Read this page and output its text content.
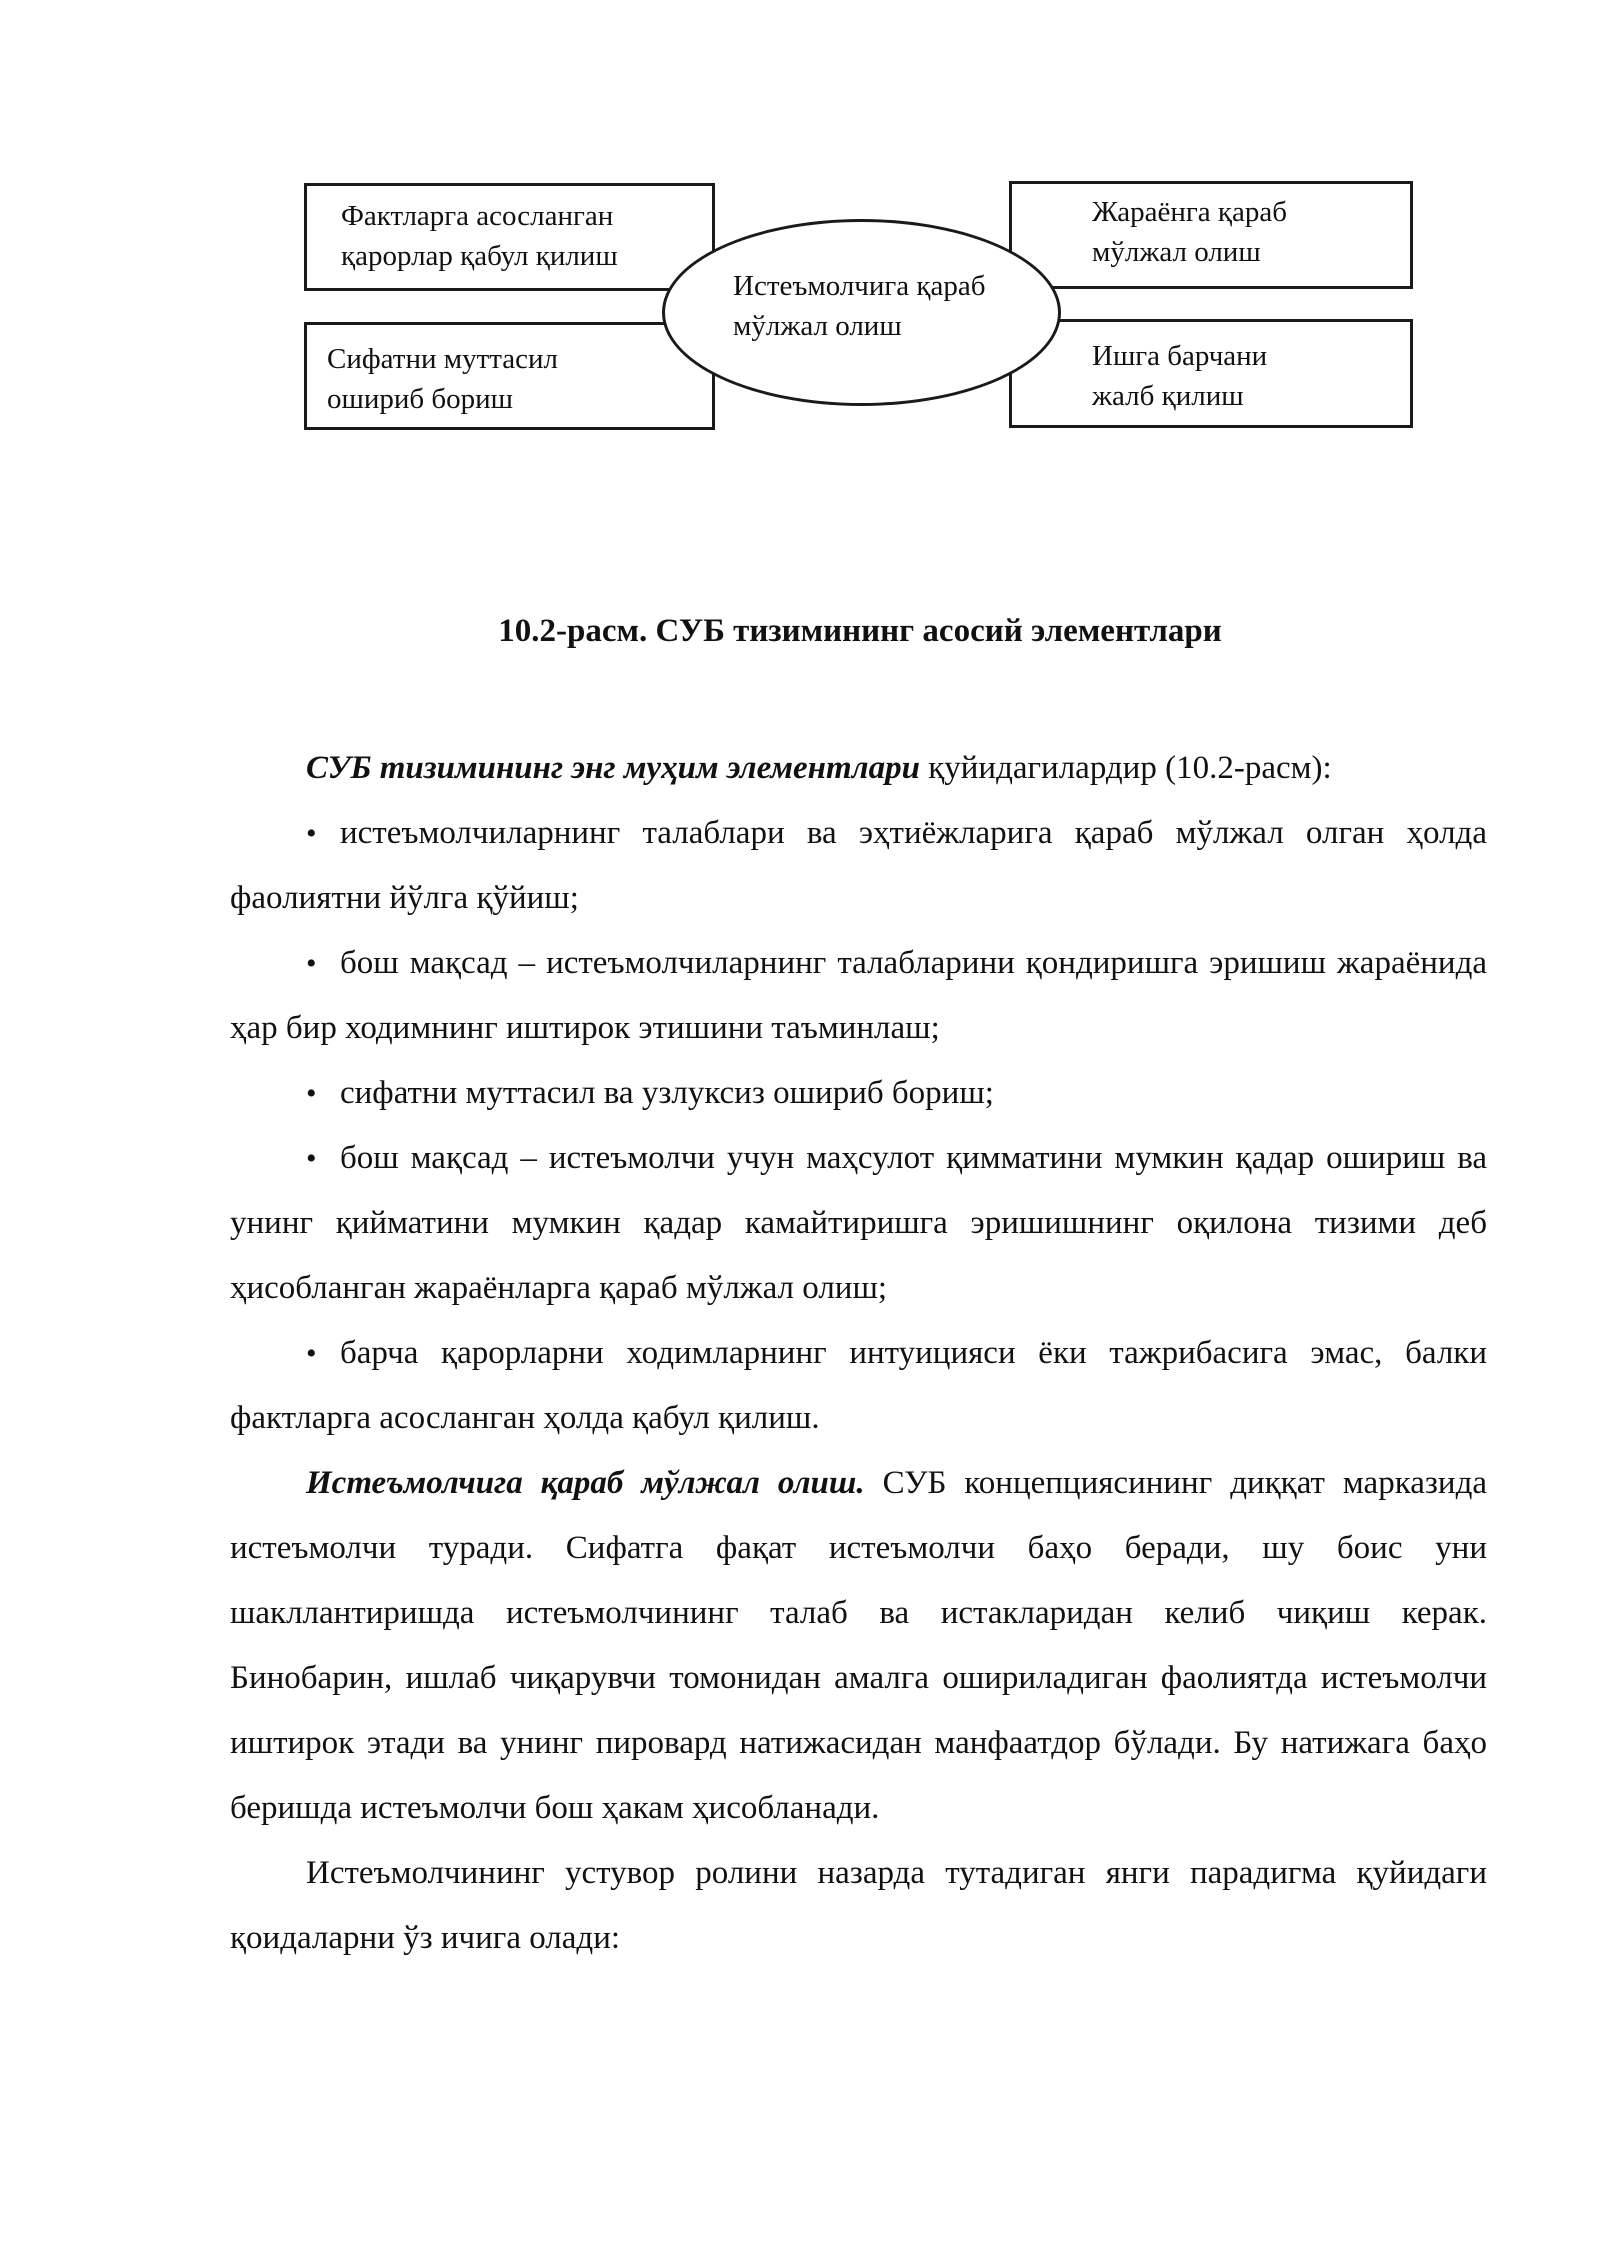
Фактларга асосланган
қарорлар қабул қилиш
Сифатни муттасил
ошириб бориш
Жараёнга қараб
мўлжал олиш
Ишга барчани
жалб қилиш
Истеъмолчига қараб
мўлжал олиш
10.2-расм. СУБ тизимининг асосий элементлари

СУБ тизимининг энг муҳим элементлари қуйидагилардир (10.2-расм):

• истеъмолчиларнинг талаблари ва эҳтиёжларига қараб мўлжал олган ҳолда фаолиятни йўлга қўйиш;

• бош мақсад – истеъмолчиларнинг талабларини қондиришга эришиш жараёнида ҳар бир ходимнинг иштирок этишини таъминлаш;

• сифатни муттасил ва узлуксиз ошириб бориш;

• бош мақсад – истеъмолчи учун маҳсулот қимматини мумкин қадар ошириш ва унинг қийматини мумкин қадар камайтиришга эришишнинг оқилона тизими деб ҳисобланган жараёнларга қараб мўлжал олиш;

• барча қарорларни ходимларнинг интуицияси ёки тажрибасига эмас, балки фактларга асосланган ҳолда қабул қилиш.

Истеъмолчига қараб мўлжал олиш. СУБ концепциясининг диққат марказида истеъмолчи туради. Сифатга фақат истеъмолчи баҳо беради, шу боис уни шакллантиришда истеъмолчининг талаб ва истакларидан келиб чиқиш керак. Бинобарин, ишлаб чиқарувчи томонидан амалга ошириладиган фаолиятда истеъмолчи иштирок этади ва унинг пировард натижасидан манфаатдор бўлади. Бу натижага баҳо беришда истеъмолчи бош ҳакам ҳисобланади.

Истеъмолчининг устувор ролини назарда тутадиган янги парадигма қуйидаги қоидаларни ўз ичига олади:
